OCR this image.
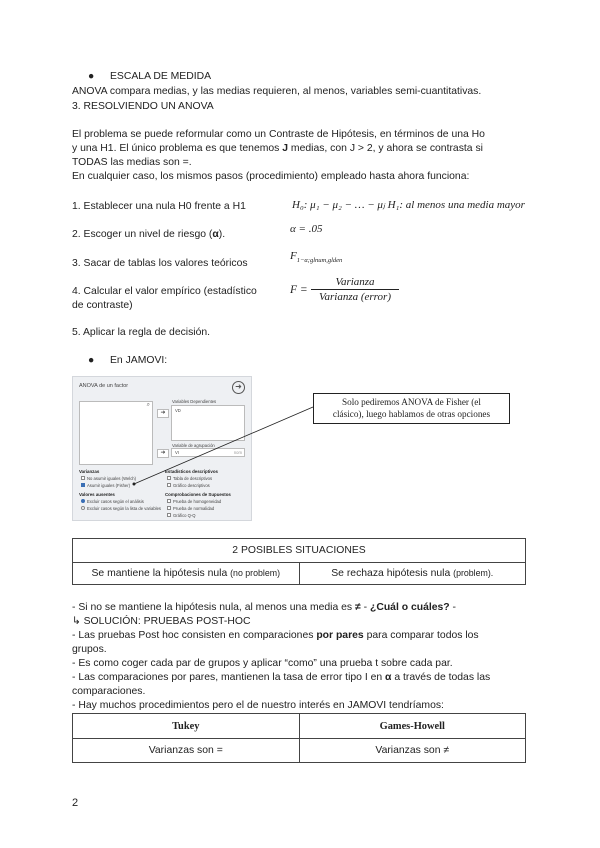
● ESCALA DE MEDIDA
ANOVA compara medias, y las medias requieren, al menos, variables semi-cuantitativas.
3. RESOLVIENDO UN ANOVA
El problema se puede reformular como un Contraste de Hipótesis, en términos de una Ho
y una H1. El único problema es que tenemos J medias, con J > 2, y ahora se contrasta si
TODAS las medias son =.
En cualquier caso, los mismos pasos (procedimiento) empleado hasta ahora funciona:
1. Establecer una nula H0 frente a H1	H₀: μ₁ − μ₂ − … − μⱼ H₁: al menos una media mayor
2. Escoger un nivel de riesgo (α).	α = .05
3. Sacar de tablas los valores teóricos
$F_{1-\alpha;glnum,glden}$
4. Calcular el valor empírico (estadístico
de contraste)
F =
Varianza
Varianza (error)
5. Aplicar la regla de decisión.
● En JAMOVI:
ANOVA de un factor	➜
⌕
➜
Variables Dependientes
VD
➜
Variable de agrupación
VI	nom
Varianzas
No asumir iguales (Welch)
Asumir iguales (Fisher)
Valores ausentes
Excluir casos según el análisis
Excluir casos según la lista de variables
Estadísticos descriptivos
Tabla de descriptivos
Gráfico descriptivos
Comprobaciones de Supuestos
Prueba de homogeneidad
Prueba de normalidad
Gráfico Q-Q
Solo pediremos ANOVA de Fisher (el
clásico), luego hablamos de otras opciones
2 POSIBLES SITUACIONES
Se mantiene la hipótesis nula (no problem)	Se rechaza hipótesis nula (problem).
- Si no se mantiene la hipótesis nula, al menos una media es ≠ - ¿Cuál o cuáles? -
↳ SOLUCIÓN: PRUEBAS POST-HOC
- Las pruebas Post hoc consisten en comparaciones por pares para comparar todos los
grupos.
- Es como coger cada par de grupos y aplicar “como” una prueba t sobre cada par.
- Las comparaciones por pares, mantienen la tasa de error tipo I en α a través de todas las
comparaciones.
- Hay muchos procedimientos pero el de nuestro interés en JAMOVI tendríamos:
Tukey	Games-Howell
Varianzas son =	Varianzas son ≠
2
